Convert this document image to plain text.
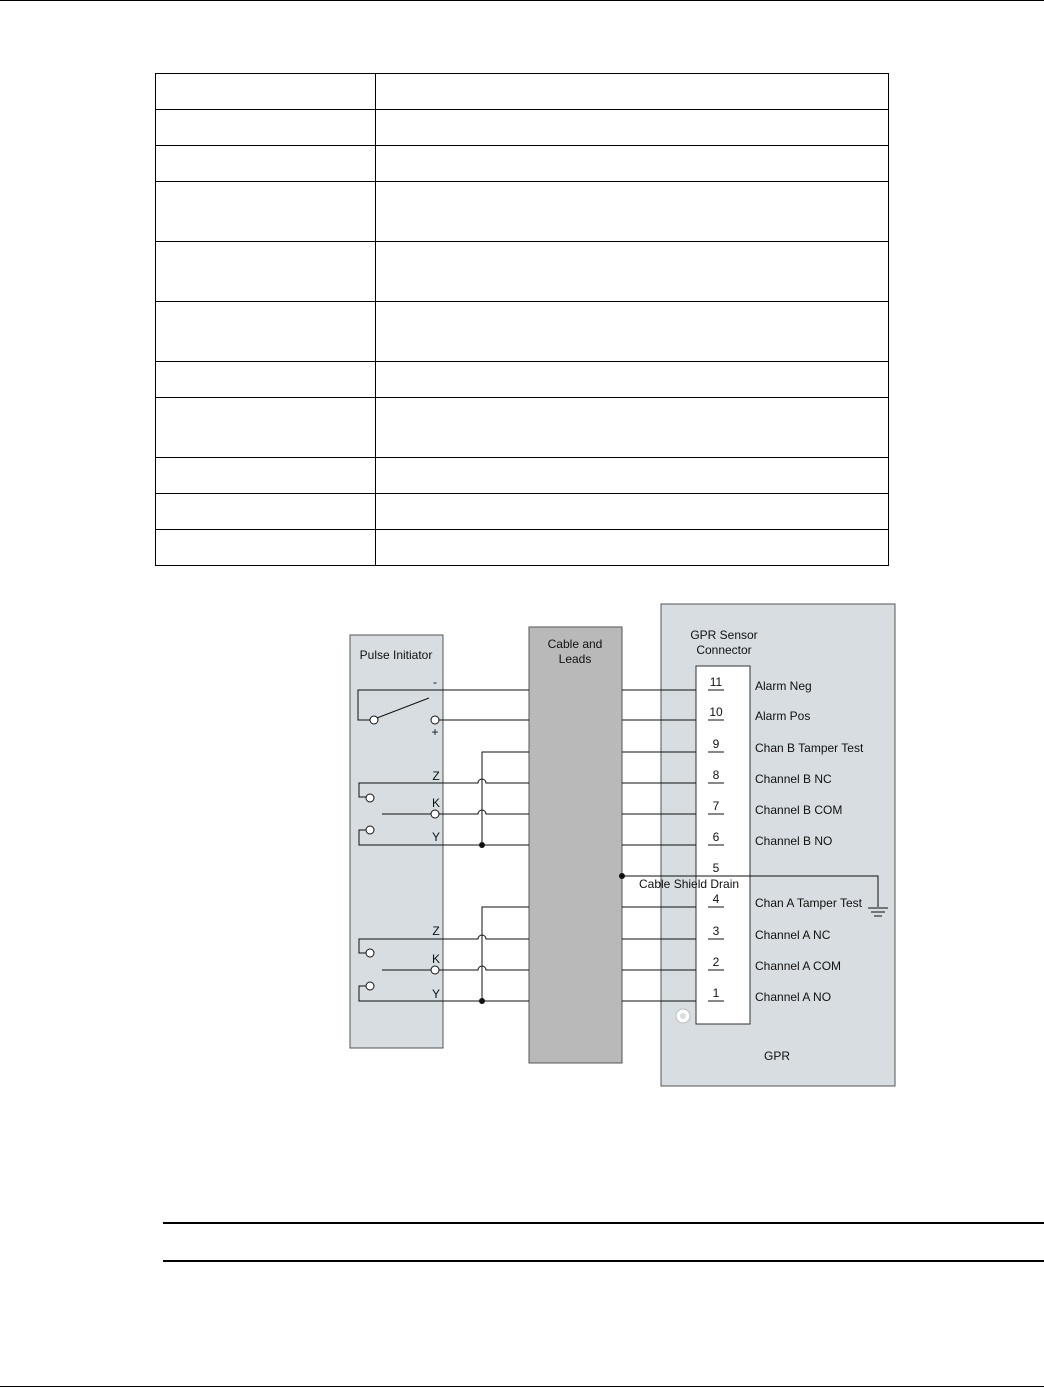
Pulse Initiator
Cable and
Leads
GPR Sensor
Connector
GPR
-
+
Z
K
Y
Z
K
Y
Cable Shield Drain
11	Alarm Neg
10	Alarm Pos
9	Chan B Tamper Test
8	Channel B NC
7	Channel B COM
6	Channel B NO
5
4	Chan A Tamper Test
3	Channel A NC
2	Channel A COM
1	Channel A NO
